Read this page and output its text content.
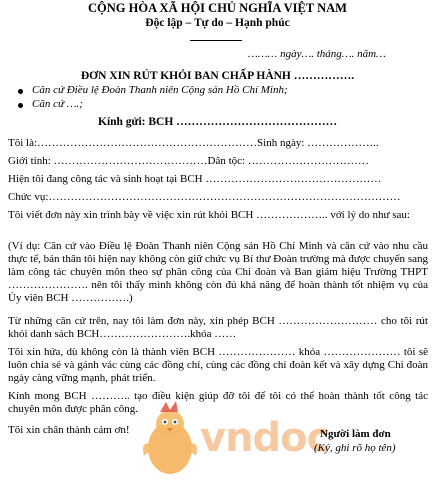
CỘNG HÒA XÃ HỘI CHỦ NGHĨA VIỆT NAM
Độc lập – Tự do – Hạnh phúc
……… ngày…. tháng…. năm…
ĐƠN XIN RÚT KHỎI BAN CHẤP HÀNH …………….
Căn cứ Điều lệ Đoàn Thanh niên Cộng sản Hồ Chí Minh;
Căn cứ ….;
Kính gửi: BCH ……………………………………
Tôi là:……………………………………………………Sinh ngày: ………………..
Giới tính: ……………………………………Dân tộc: ……………………………
Hiện tôi đang công tác và sinh hoạt tại BCH …………………………………………
Chức vụ:……………………………………………………………………………………
Tôi viết đơn này xin trình bày về việc xin rút khỏi BCH ……………….. với lý do như sau:
(Ví dụ: Căn cứ vào Điều lệ Đoàn Thanh niên Cộng sản Hồ Chí Minh và căn cứ vào nhu cầu thực tế, bản thân tôi hiện nay không còn giữ chức vụ Bí thư Đoàn trường mà được chuyển sang làm công tác chuyên môn theo sự phân công của Chi đoàn và Ban giám hiệu Trường THPT …………………. nên tôi thấy mình không còn đủ khả năng để hoàn thành tốt nhiệm vụ của Ủy viên BCH …………….)
Từ những căn cứ trên, nay tôi làm đơn này, xin phép BCH ……………………… cho tôi rút khỏi danh sách BCH…………………….khóa ……
Tôi xin hứa, dù không còn là thành viên BCH ………………… khóa ………………… tôi sẽ luôn chia sẻ và gánh vác cùng các đồng chí, cùng các đồng chí đoàn kết và xây dựng Chi đoàn ngày càng vững mạnh, phát triển.
Kính mong BCH ……….. tạo điều kiện giúp đỡ tôi để tôi có thể hoàn thành tốt công tác chuyên môn được phân công.
Tôi xin chân thành cảm ơn! vndoc
Người làm đơn
(Ký, ghi rõ họ tên)
